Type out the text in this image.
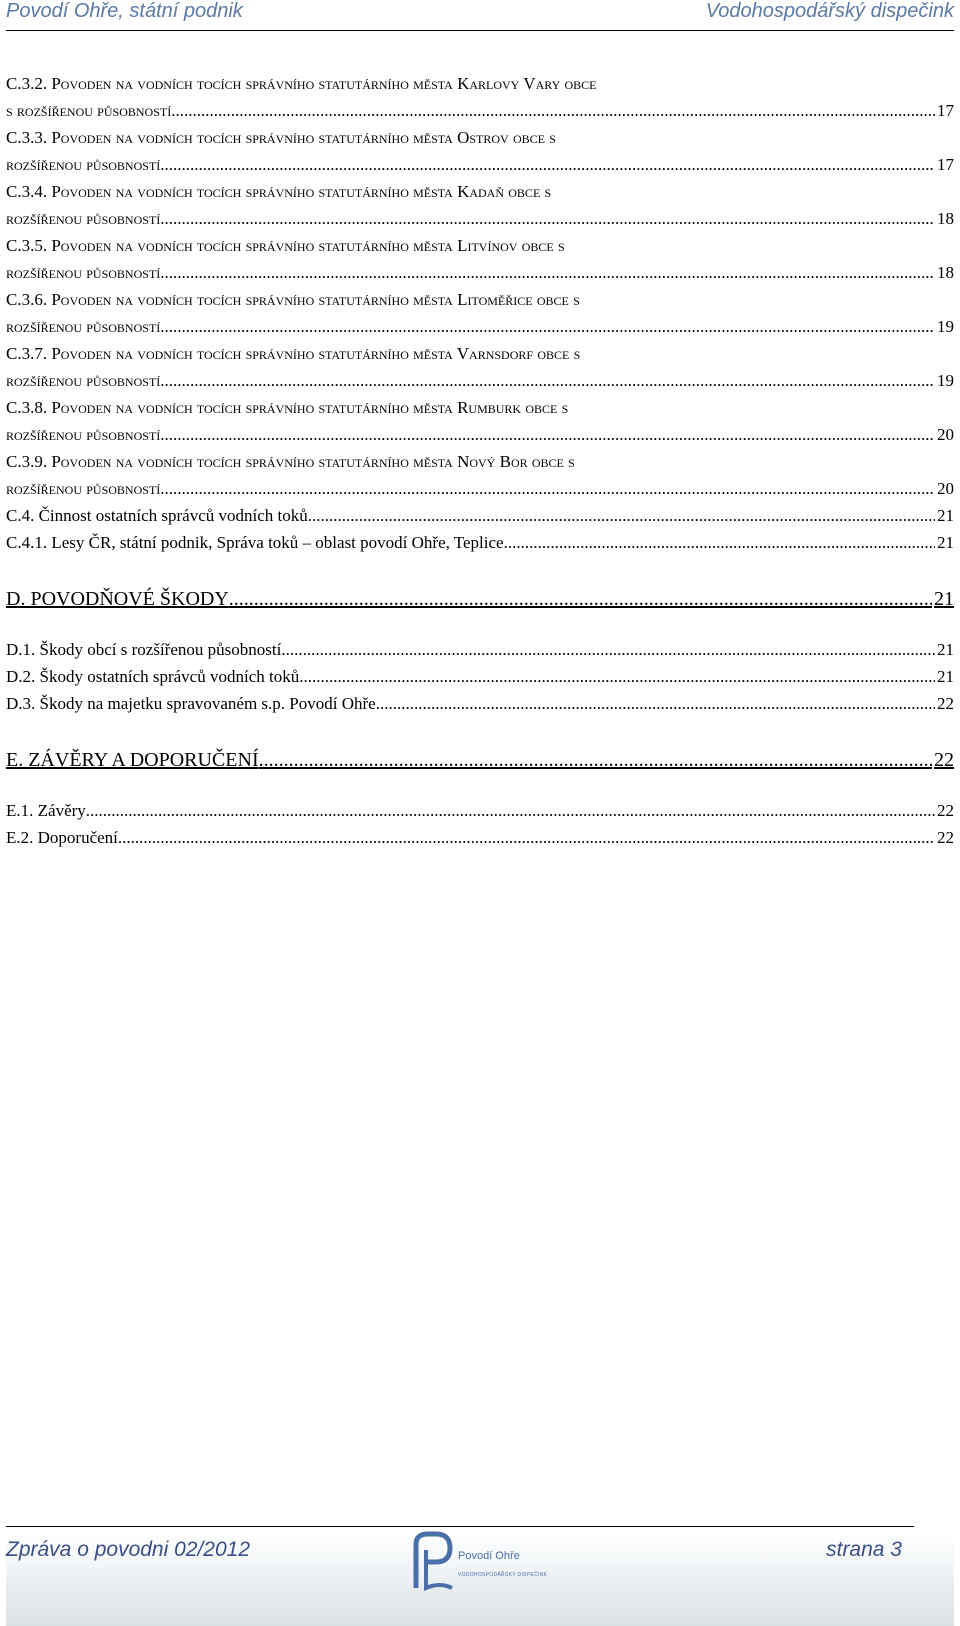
Povodí Ohře, státní podnik	Vodohospodářský dispečink
C.3.2. Povoden na vodních tocích správního statutárního města Karlovy Vary obce
s rozšířenou působností .....	17
C.3.3. Povoden na vodních tocích správního statutárního města Ostrov obce s
rozšířenou působností .....	17
C.3.4. Povoden na vodních tocích správního statutárního města Kadaň obce s
rozšířenou působností .....	18
C.3.5. Povoden na vodních tocích správního statutárního města Litvínov obce s
rozšířenou působností .....	18
C.3.6. Povoden na vodních tocích správního statutárního města Litoměřice obce s
rozšířenou působností .....	19
C.3.7. Povoden na vodních tocích správního statutárního města Varnsdorf obce s
rozšířenou působností .....	19
C.3.8. Povoden na vodních tocích správního statutárního města Rumburk obce s
rozšířenou působností .....	20
C.3.9. Povoden na vodních tocích správního statutárního města Nový Bor obce s
rozšířenou působností .....	20
C.4.
Činnost ostatních správců vodních toků .....	21
C.4.1.
Lesy ČR, státní podnik, Správa toků – oblast povodí Ohře, Teplice .....	21
D. POVODŇOVÉ ŠKODY .....	21
D.1.
Škody obcí s rozšířenou působností .....	21
D.2.
Škody ostatních správců vodních toků .....	21
D.3.
Škody na majetku spravovaném s.p. Povodí Ohře .....	22
E. ZÁVĚRY A DOPORUČENÍ .....	22
E.1.
Závěry .....	22
E.2.
Doporučení .....	22
Zpráva o povodni 02/2012	strana 3
Povodí Ohře
VODOHOSPODÁŘSKÝ DISPEČINK
